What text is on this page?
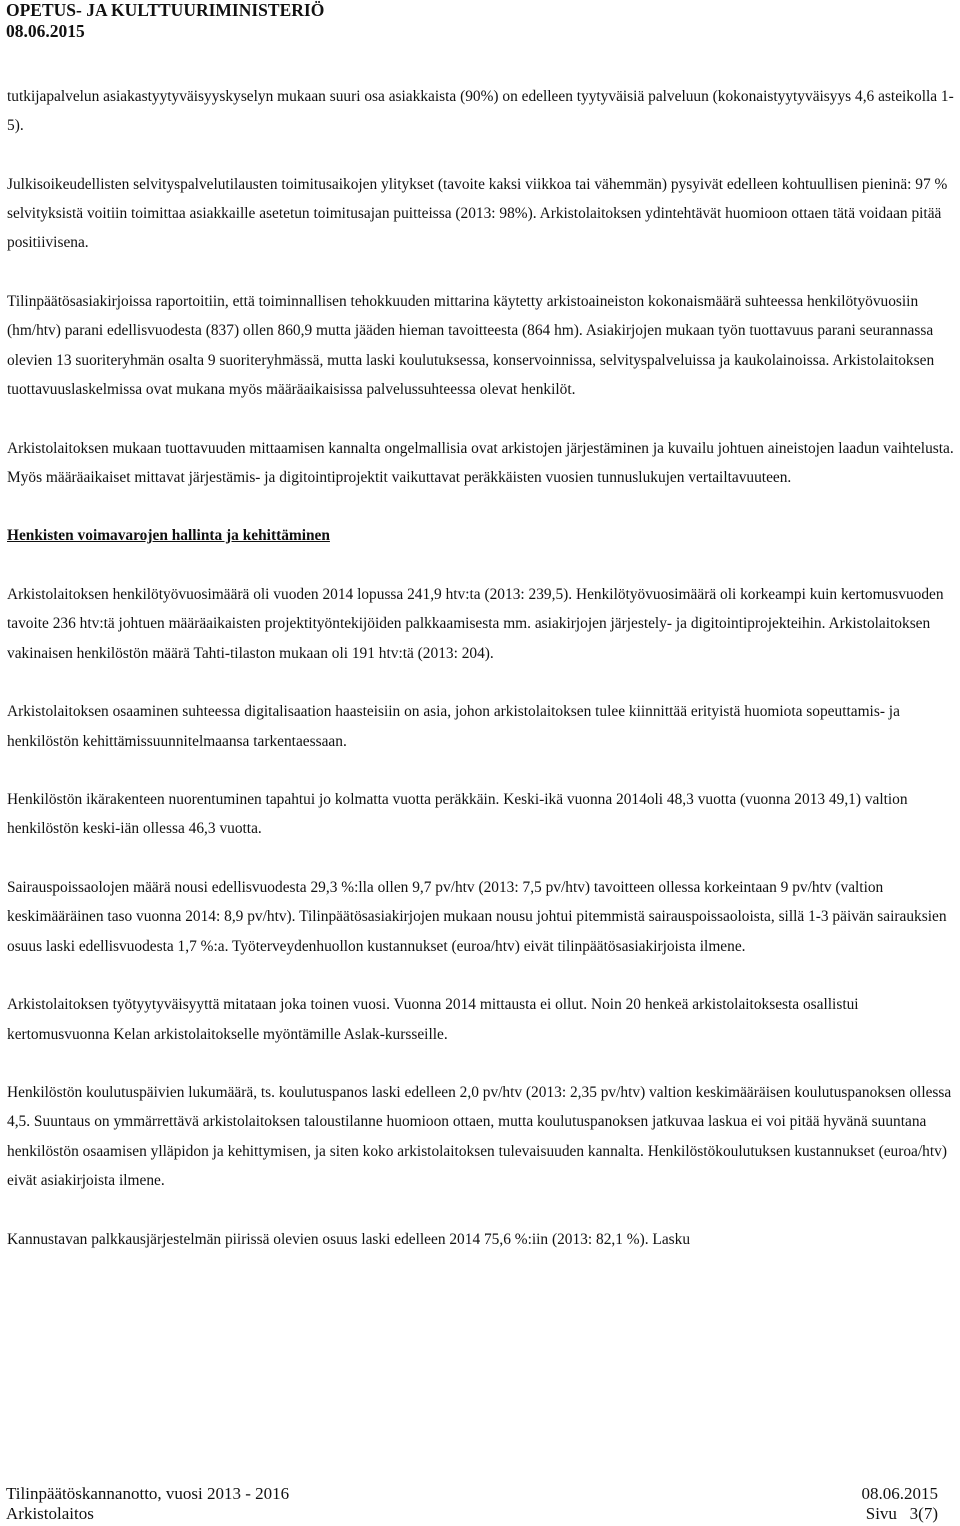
OPETUS- JA KULTTUURIMINISTERIÖ
08.06.2015

tutkijapalvelun asiakastyytyväisyyskyselyn mukaan suuri osa asiakkaista (90%) on edelleen tyytyväisiä palveluun (kokonaistyytyväisyys 4,6 asteikolla 1-5).

Julkisoikeudellisten selvityspalvelutilausten toimitusaikojen ylitykset (tavoite kaksi viikkoa tai vähemmän) pysyivät edelleen kohtuullisen pieninä: 97 % selvityksistä voitiin toimittaa asiakkaille asetetun toimitusajan puitteissa (2013: 98%). Arkistolaitoksen ydintehtävät huomioon ottaen tätä voidaan pitää positiivisena.

Tilinpäätösasiakirjoissa raportoitiin, että toiminnallisen tehokkuuden mittarina käytetty arkistoaineiston kokonaismäärä suhteessa henkilötyövuosiin (hm/htv) parani edellisvuodesta (837) ollen 860,9 mutta jääden hieman tavoitteesta (864 hm). Asiakirjojen mukaan työn tuottavuus parani seurannassa olevien 13 suoriteryhmän osalta 9 suoriteryhmässä, mutta laski koulutuksessa, konservoinnissa, selvityspalveluissa ja kaukolainoissa. Arkistolaitoksen tuottavuuslaskelmissa ovat mukana myös määräaikaisissa palvelussuhteessa olevat henkilöt.

Arkistolaitoksen mukaan tuottavuuden mittaamisen kannalta ongelmallisia ovat arkistojen järjestäminen ja kuvailu johtuen aineistojen laadun vaihtelusta. Myös määräaikaiset mittavat järjestämis- ja digitointiprojektit vaikuttavat peräkkäisten vuosien tunnuslukujen vertailtavuuteen.

Henkisten voimavarojen hallinta ja kehittäminen

Arkistolaitoksen henkilötyövuosimäärä oli vuoden 2014 lopussa 241,9 htv:ta (2013: 239,5). Henkilötyövuosimäärä oli korkeampi kuin kertomusvuoden tavoite 236 htv:tä johtuen määräaikaisten projektityöntekijöiden palkkaamisesta mm. asiakirjojen järjestely- ja digitointiprojekteihin. Arkistolaitoksen vakinaisen henkilöstön määrä Tahti-tilaston mukaan oli 191 htv:tä (2013: 204).

Arkistolaitoksen osaaminen suhteessa digitalisaation haasteisiin on asia, johon arkistolaitoksen tulee kiinnittää erityistä huomiota sopeuttamis- ja henkilöstön kehittämissuunnitelmaansa tarkentaessaan.

Henkilöstön ikärakenteen nuorentuminen tapahtui jo kolmatta vuotta peräkkäin. Keski-ikä vuonna 2014oli 48,3 vuotta (vuonna 2013 49,1) valtion henkilöstön keski-iän ollessa 46,3 vuotta.

Sairauspoissaolojen määrä nousi edellisvuodesta 29,3 %:lla ollen 9,7 pv/htv (2013: 7,5 pv/htv) tavoitteen ollessa korkeintaan 9 pv/htv (valtion keskimääräinen taso vuonna 2014: 8,9 pv/htv). Tilinpäätösasiakirjojen mukaan nousu johtui pitemmistä sairauspoissaoloista, sillä 1-3 päivän sairauksien osuus laski edellisvuodesta 1,7 %:a. Työterveydenhuollon kustannukset (euroa/htv) eivät tilinpäätösasiakirjoista ilmene.

Arkistolaitoksen työtyytyväisyyttä mitataan joka toinen vuosi. Vuonna 2014 mittausta ei ollut. Noin 20 henkeä arkistolaitoksesta osallistui kertomusvuonna Kelan arkistolaitokselle myöntämille Aslak-kursseille.

Henkilöstön koulutuspäivien lukumäärä, ts. koulutuspanos laski edelleen 2,0 pv/htv (2013: 2,35 pv/htv) valtion keskimääräisen koulutuspanoksen ollessa 4,5. Suuntaus on ymmärrettävä arkistolaitoksen taloustilanne huomioon ottaen, mutta koulutuspanoksen jatkuvaa laskua ei voi pitää hyvänä suuntana henkilöstön osaamisen ylläpidon ja kehittymisen, ja siten koko arkistolaitoksen tulevaisuuden kannalta. Henkilöstökoulutuksen kustannukset (euroa/htv) eivät asiakirjoista ilmene.

Kannustavan palkkausjärjestelmän piirissä olevien osuus laski edelleen 2014 75,6 %:iin (2013: 82,1 %). Lasku

Tilinpäätöskannanotto, vuosi 2013 - 2016	08.06.2015
Arkistolaitos	Sivu   3(7)
